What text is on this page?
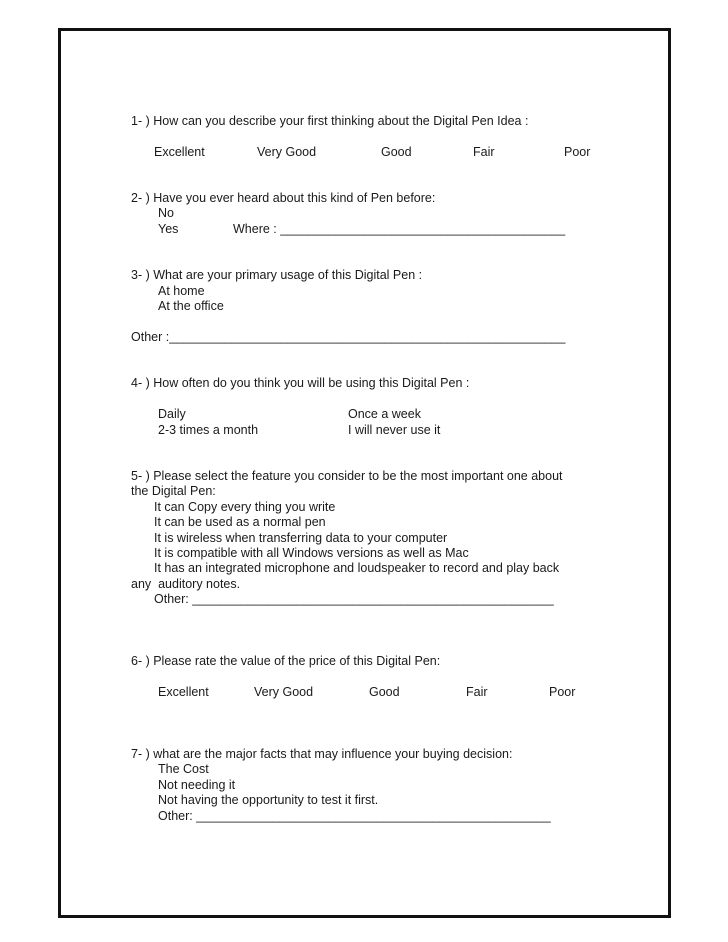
1- ) How can you describe your first thinking about the Digital Pen Idea :
Excellent	Very Good	Good	Fair	Poor
2- ) Have you ever heard about this kind of Pen before:
No
Yes	Where : _________________________________________
3- ) What are your primary usage of this Digital Pen :
At home
At the office
Other :_________________________________________________________
4- ) How often do you think you will be using this Digital Pen :
Daily	Once a week
2-3 times a month	I will never use it
5- ) Please select the feature you consider to be the most important one about
the Digital Pen:
It can Copy every thing you write
It can be used as a normal pen
It is wireless when transferring data to your computer
It is compatible with all Windows versions as well as Mac
It has an integrated microphone and loudspeaker to record and play back
any  auditory notes.
Other: ____________________________________________________
6- ) Please rate the value of the price of this Digital Pen:
Excellent	Very Good	Good	Fair	Poor
7- ) what are the major facts that may influence your buying decision:
The Cost
Not needing it
Not having the opportunity to test it first.
Other: ___________________________________________________
